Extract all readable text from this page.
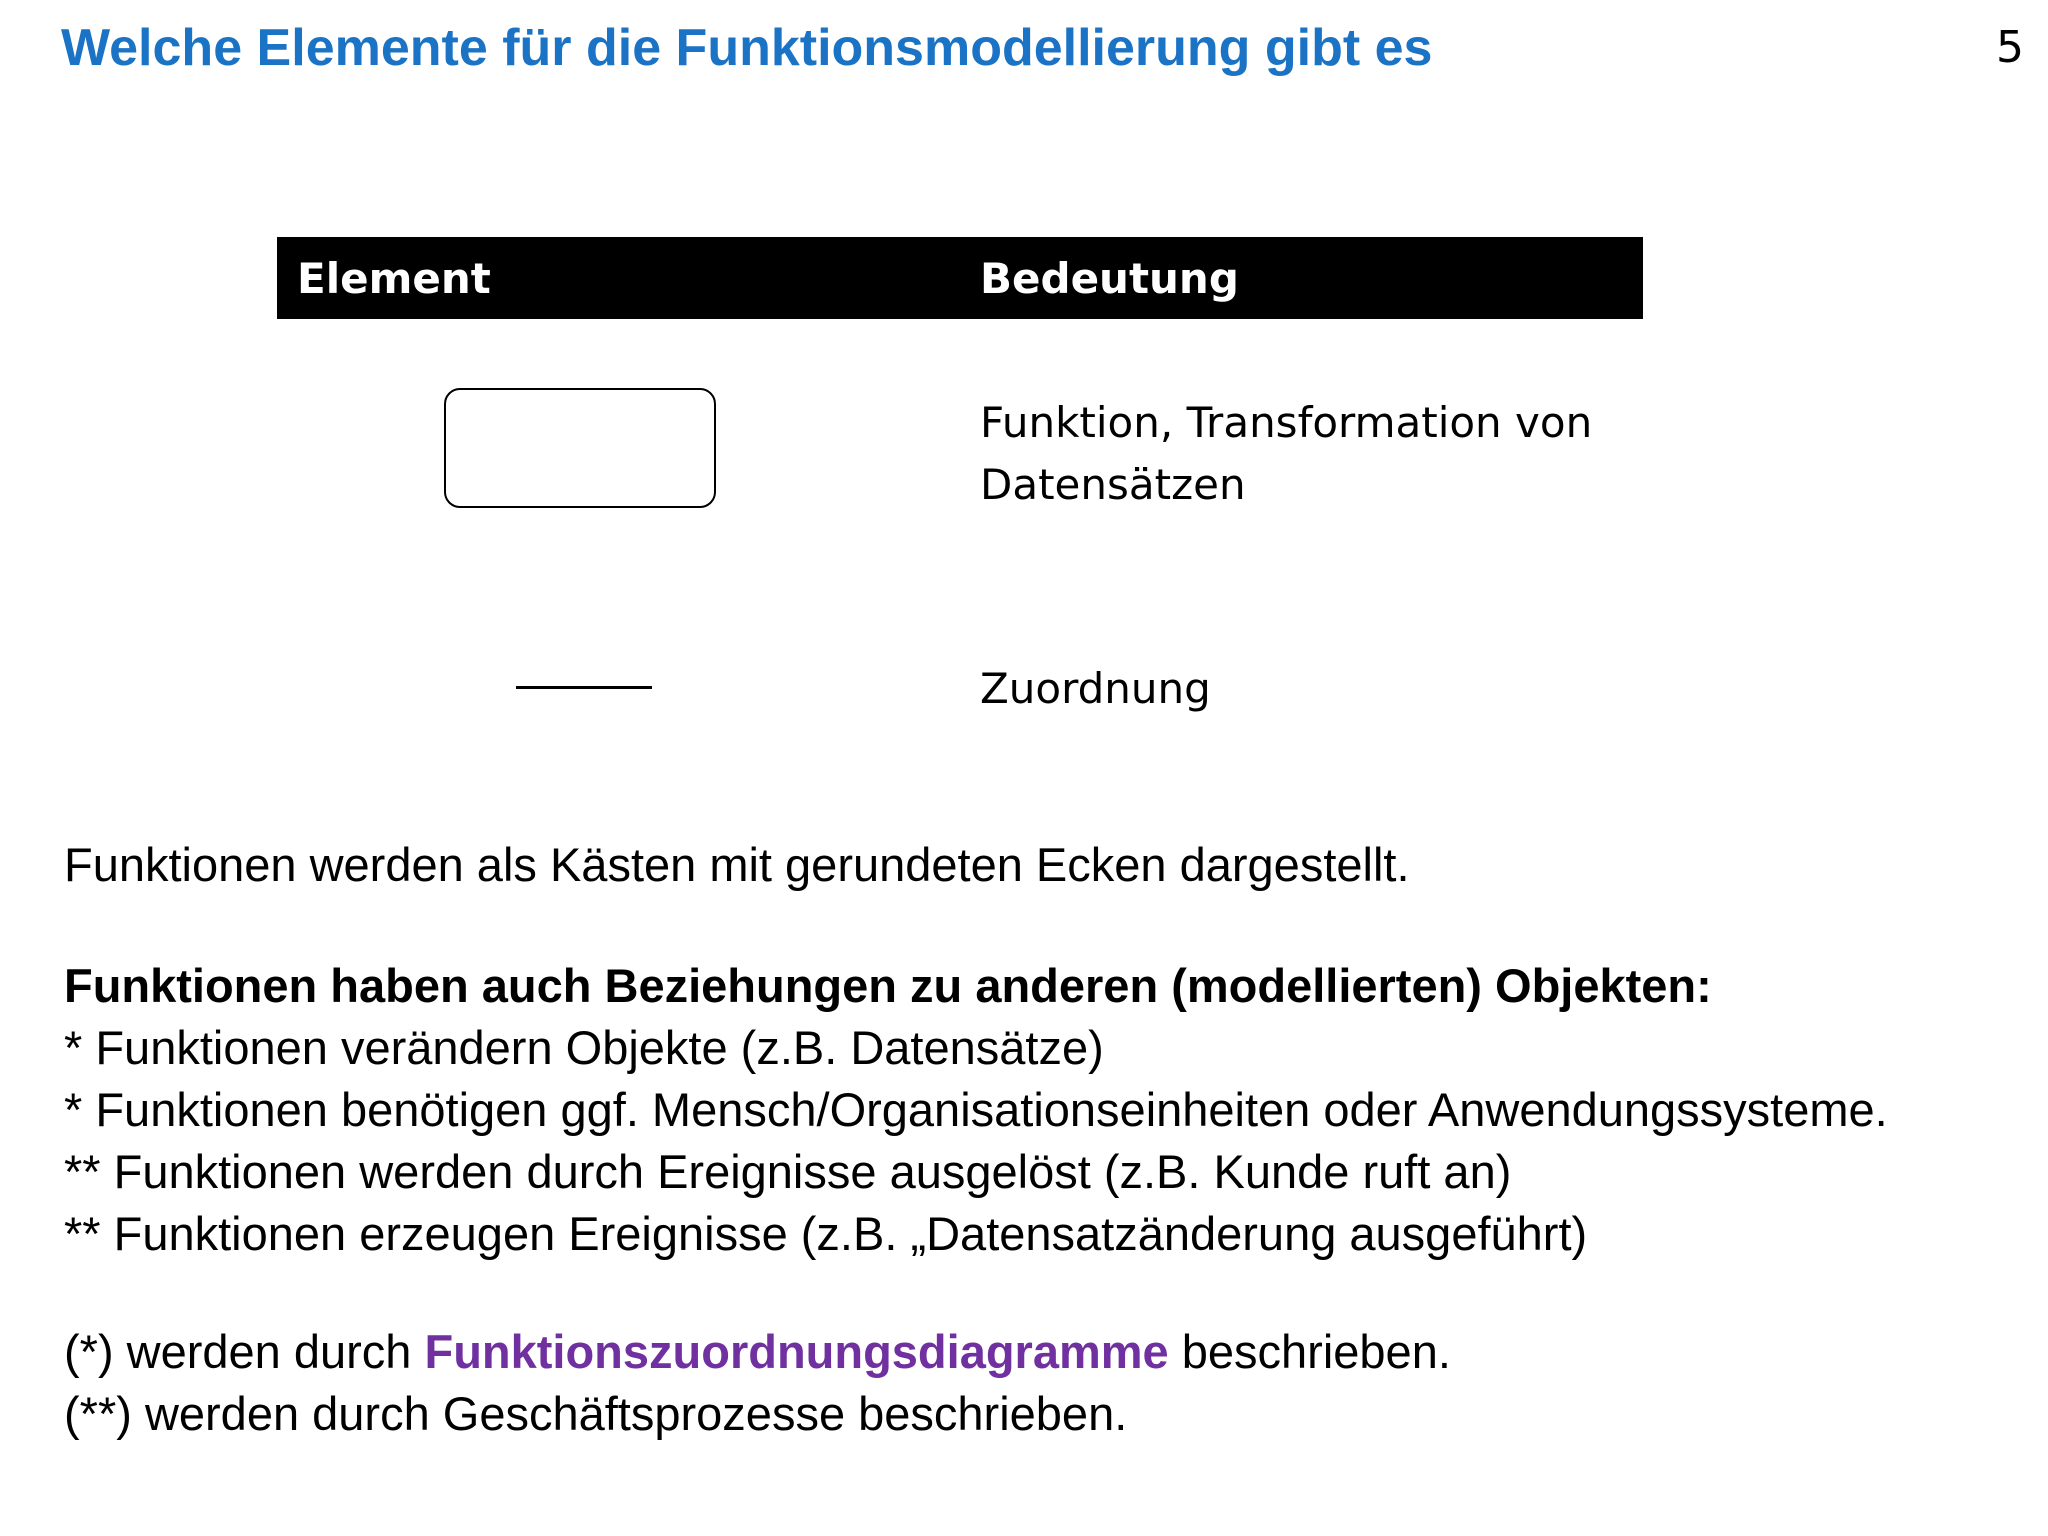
Welche Elemente für die Funktionsmodellierung gibt es	5
Element	Bedeutung
Funktion, Transformation von Datensätzen
Zuordnung
Funktionen werden als Kästen mit gerundeten Ecken dargestellt.
Funktionen haben auch Beziehungen zu anderen (modellierten) Objekten:
* Funktionen verändern Objekte (z.B. Datensätze)
* Funktionen benötigen ggf. Mensch/Organisationseinheiten oder Anwendungssysteme.
** Funktionen werden durch Ereignisse ausgelöst (z.B. Kunde ruft an)
** Funktionen erzeugen Ereignisse (z.B. „Datensatzänderung ausgeführt)
(*) werden durch Funktionszuordnungsdiagramme beschrieben.
(**) werden durch Geschäftsprozesse beschrieben.
